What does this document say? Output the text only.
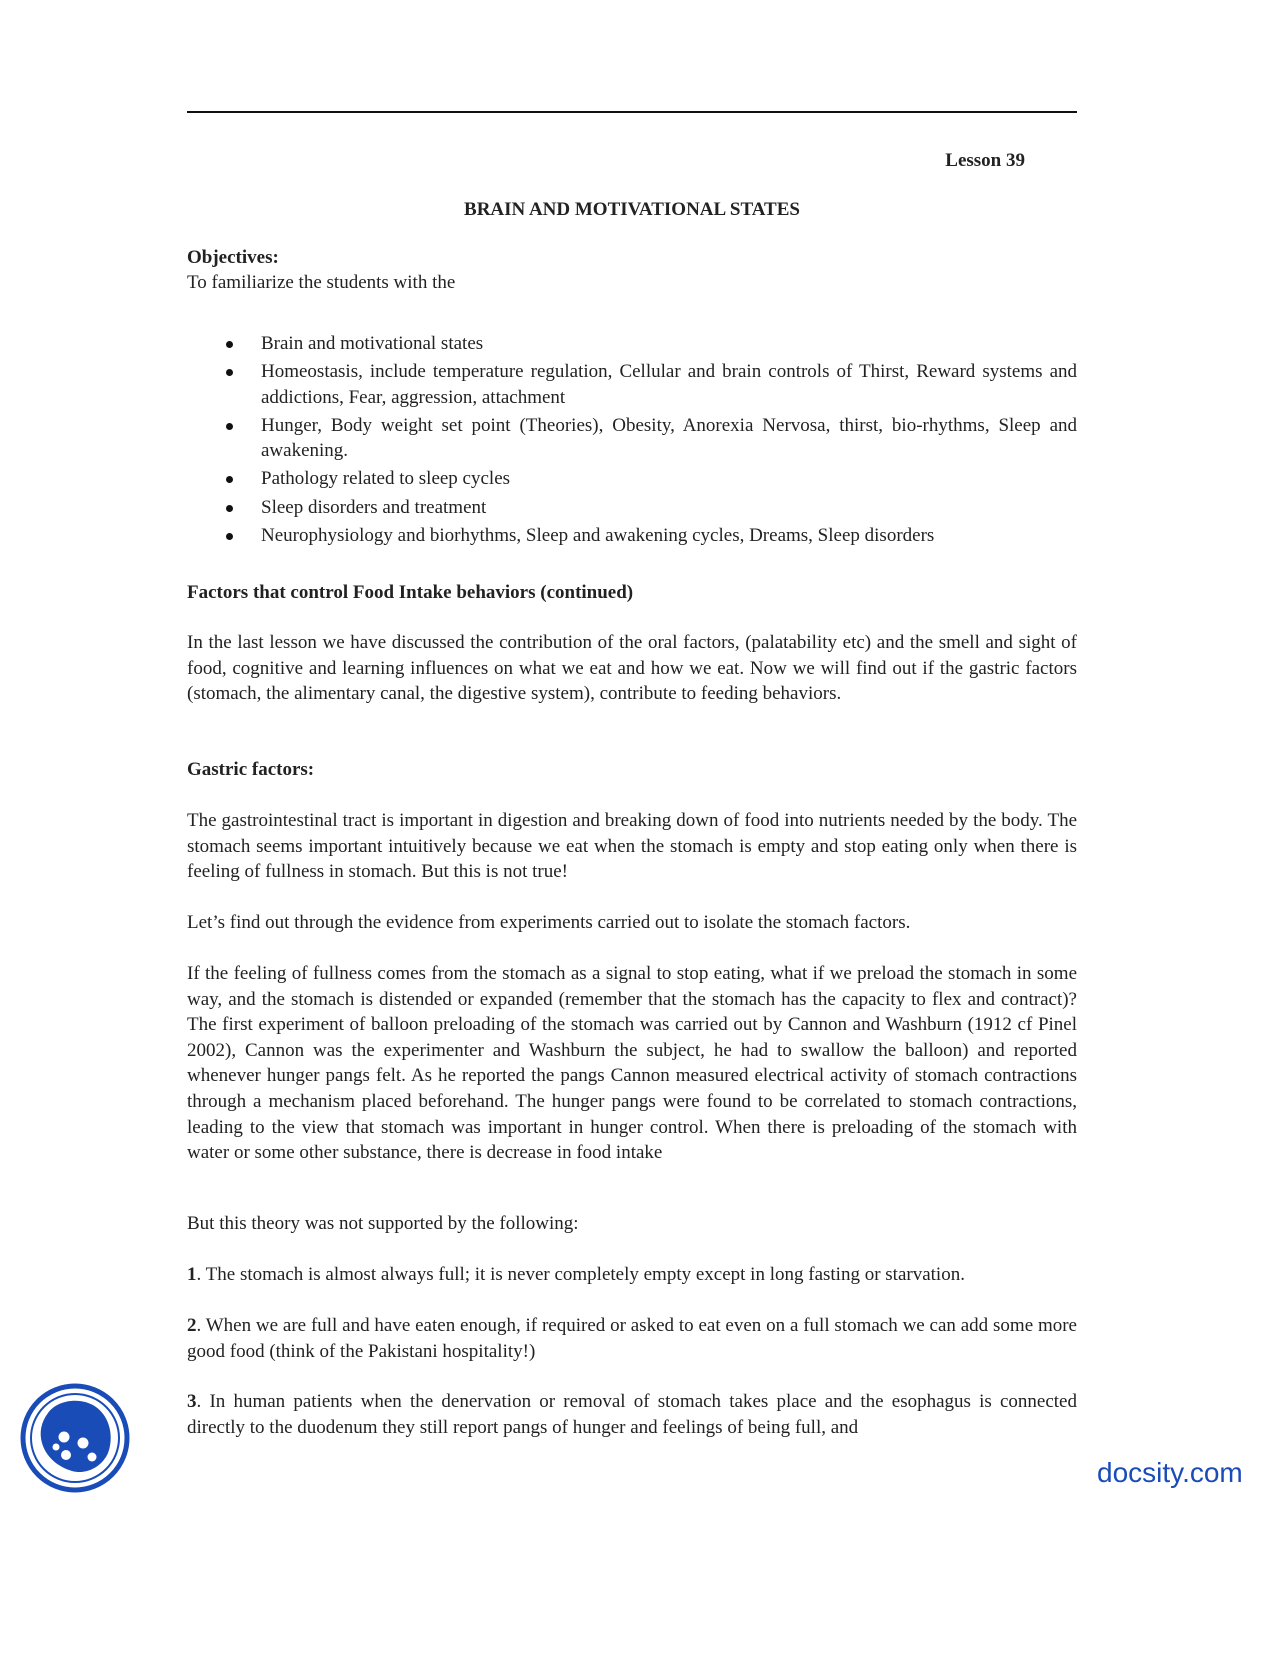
Lesson 39
BRAIN AND MOTIVATIONAL STATES
Objectives:
To familiarize the students with the
Brain and motivational states
Homeostasis, include temperature regulation, Cellular and brain controls of Thirst, Reward systems and addictions, Fear, aggression, attachment
Hunger, Body weight set point (Theories), Obesity, Anorexia Nervosa, thirst, bio-rhythms, Sleep and awakening.
Pathology related to sleep cycles
Sleep disorders and treatment
Neurophysiology and biorhythms, Sleep and awakening cycles, Dreams, Sleep disorders
Factors that control Food Intake behaviors (continued)
In the last lesson we have discussed the contribution of the oral factors, (palatability etc) and the smell and sight of food, cognitive and learning influences on what we eat and how we eat. Now we will find out if the gastric factors (stomach, the alimentary canal, the digestive system), contribute to feeding behaviors.
Gastric factors:
The gastrointestinal tract is important in digestion and breaking down of food into nutrients needed by the body. The stomach seems important intuitively because we eat when the stomach is empty and stop eating only when there is feeling of fullness in stomach. But this is not true!
Let’s find out through the evidence from experiments carried out to isolate the stomach factors.
If the feeling of fullness comes from the stomach as a signal to stop eating, what if we preload the stomach in some way, and the stomach is distended or expanded (remember that the stomach has the capacity to flex and contract)? The first experiment of balloon preloading of the stomach was carried out by Cannon and Washburn (1912 cf Pinel 2002), Cannon was the experimenter and Washburn the subject, he had to swallow the balloon) and reported whenever hunger pangs felt. As he reported the pangs Cannon measured electrical activity of stomach contractions through a mechanism placed beforehand. The hunger pangs were found to be correlated to stomach contractions, leading to the view that stomach was important in hunger control. When there is preloading of the stomach with water or some other substance, there is decrease in food intake
But this theory was not supported by the following:
1. The stomach is almost always full; it is never completely empty except in long fasting or starvation.
2. When we are full and have eaten enough, if required or asked to eat even on a full stomach we can add some more good food (think of the Pakistani hospitality!)
3. In human patients when the denervation or removal of stomach takes place and the esophagus is connected directly to the duodenum they still report pangs of hunger and feelings of being full, and
docsity.com
